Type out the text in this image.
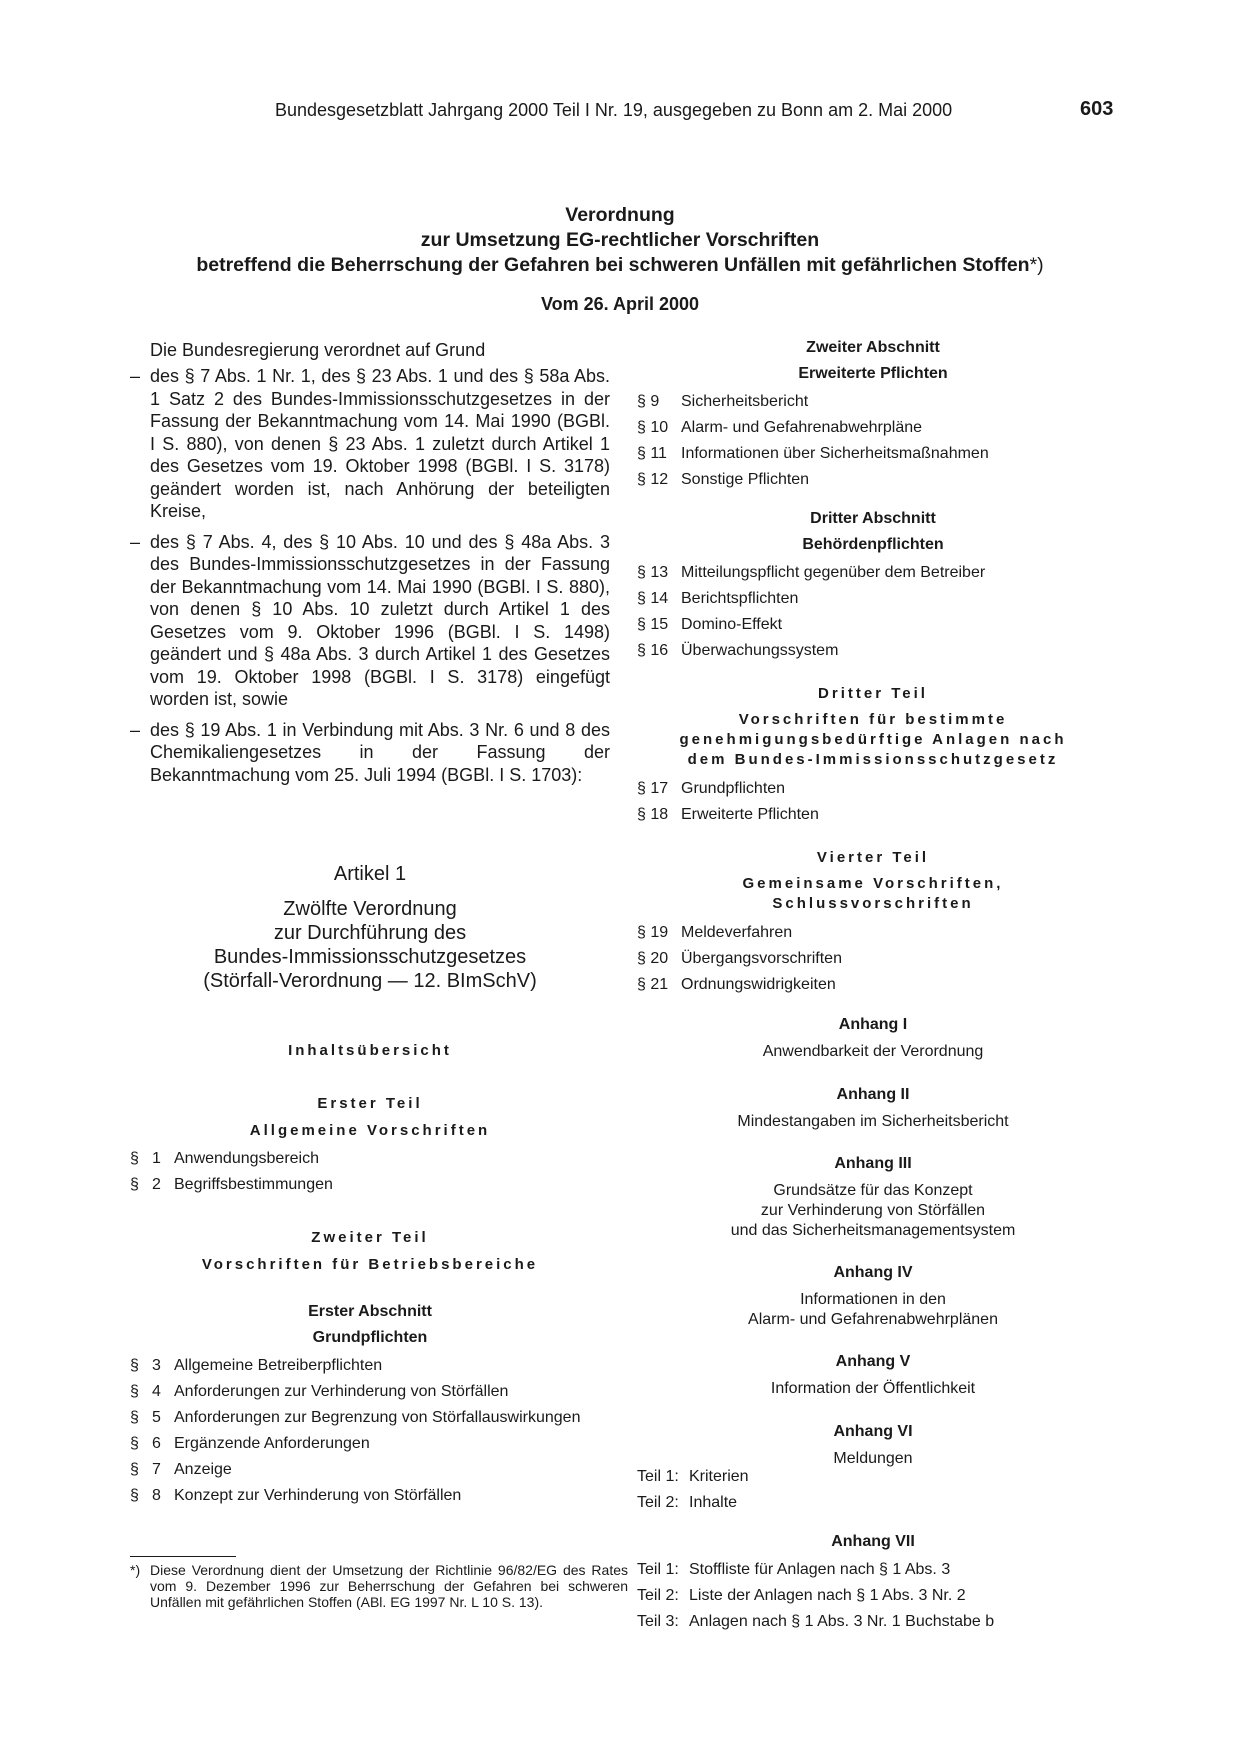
Bundesgesetzblatt Jahrgang 2000 Teil I Nr. 19, ausgegeben zu Bonn am 2. Mai 2000	603
Verordnung
zur Umsetzung EG-rechtlicher Vorschriften
betreffend die Beherrschung der Gefahren bei schweren Unfällen mit gefährlichen Stoffen*)
Vom 26. April 2000
Die Bundesregierung verordnet auf Grund
– des § 7 Abs. 1 Nr. 1, des § 23 Abs. 1 und des § 58a Abs. 1 Satz 2 des Bundes-Immissionsschutzgesetzes in der Fassung der Bekanntmachung vom 14. Mai 1990 (BGBl. I S. 880), von denen § 23 Abs. 1 zuletzt durch Artikel 1 des Gesetzes vom 19. Oktober 1998 (BGBl. I S. 3178) geändert worden ist, nach Anhörung der beteiligten Kreise,
– des § 7 Abs. 4, des § 10 Abs. 10 und des § 48a Abs. 3 des Bundes-Immissionsschutzgesetzes in der Fassung der Bekanntmachung vom 14. Mai 1990 (BGBl. I S. 880), von denen § 10 Abs. 10 zuletzt durch Artikel 1 des Gesetzes vom 9. Oktober 1996 (BGBl. I S. 1498) geändert und § 48a Abs. 3 durch Artikel 1 des Gesetzes vom 19. Oktober 1998 (BGBl. I S. 3178) eingefügt worden ist, sowie
– des § 19 Abs. 1 in Verbindung mit Abs. 3 Nr. 6 und 8 des Chemikaliengesetzes in der Fassung der Bekanntmachung vom 25. Juli 1994 (BGBl. I S. 1703):
Artikel 1
Zwölfte Verordnung
zur Durchführung des
Bundes-Immissionsschutzgesetzes
(Störfall-Verordnung — 12. BImSchV)
Inhaltsübersicht
Erster Teil
Allgemeine Vorschriften
§ 1 Anwendungsbereich
§ 2 Begriffsbestimmungen
Zweiter Teil
Vorschriften für Betriebsbereiche
Erster Abschnitt
Grundpflichten
§ 3 Allgemeine Betreiberpflichten
§ 4 Anforderungen zur Verhinderung von Störfällen
§ 5 Anforderungen zur Begrenzung von Störfallauswirkungen
§ 6 Ergänzende Anforderungen
§ 7 Anzeige
§ 8 Konzept zur Verhinderung von Störfällen
*) Diese Verordnung dient der Umsetzung der Richtlinie 96/82/EG des Rates vom 9. Dezember 1996 zur Beherrschung der Gefahren bei schweren Unfällen mit gefährlichen Stoffen (ABl. EG 1997 Nr. L 10 S. 13).
Zweiter Abschnitt
Erweiterte Pflichten
§ 9 Sicherheitsbericht
§ 10 Alarm- und Gefahrenabwehrpläne
§ 11 Informationen über Sicherheitsmaßnahmen
§ 12 Sonstige Pflichten
Dritter Abschnitt
Behördenpflichten
§ 13 Mitteilungspflicht gegenüber dem Betreiber
§ 14 Berichtspflichten
§ 15 Domino-Effekt
§ 16 Überwachungssystem
Dritter Teil
Vorschriften für bestimmte
genehmigungsbedürftige Anlagen nach
dem Bundes-Immissionsschutzgesetz
§ 17 Grundpflichten
§ 18 Erweiterte Pflichten
Vierter Teil
Gemeinsame Vorschriften,
Schlussvorschriften
§ 19 Meldeverfahren
§ 20 Übergangsvorschriften
§ 21 Ordnungswidrigkeiten
Anhang I
Anwendbarkeit der Verordnung
Anhang II
Mindestangaben im Sicherheitsbericht
Anhang III
Grundsätze für das Konzept
zur Verhinderung von Störfällen
und das Sicherheitsmanagementsystem
Anhang IV
Informationen in den
Alarm- und Gefahrenabwehrplänen
Anhang V
Information der Öffentlichkeit
Anhang VI
Meldungen
Teil 1: Kriterien
Teil 2: Inhalte
Anhang VII
Teil 1: Stoffliste für Anlagen nach § 1 Abs. 3
Teil 2: Liste der Anlagen nach § 1 Abs. 3 Nr. 2
Teil 3: Anlagen nach § 1 Abs. 3 Nr. 1 Buchstabe b
